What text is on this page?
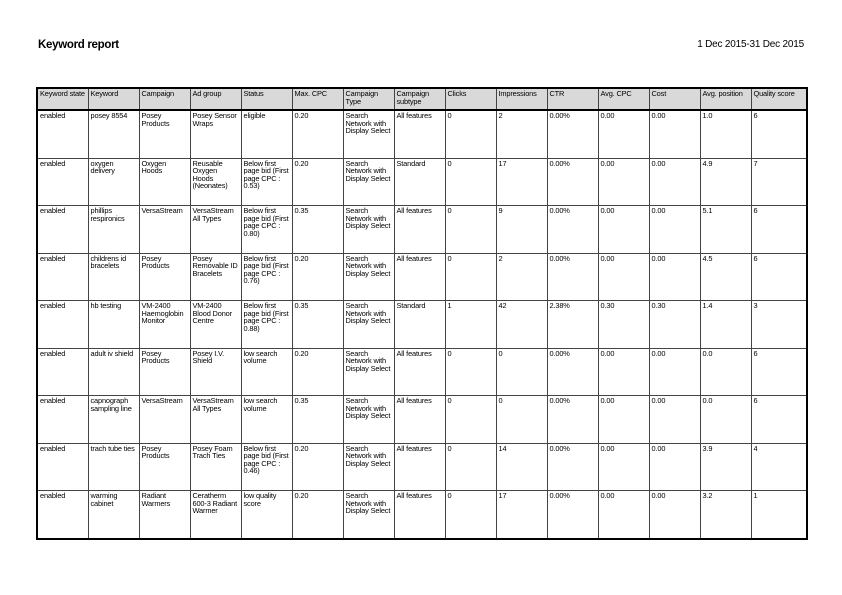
Keyword report	1 Dec 2015-31 Dec 2015
Keyword state	Keyword	Campaign	Ad group	Status	Max. CPC	Campaign Type	Campaign subtype	Clicks	Impressions	CTR	Avg. CPC	Cost	Avg. position	Quality score
enabled	posey 8554	Posey Products	Posey Sensor Wraps	eligible	0.20	Search Network with Display Select	All features	0	2	0.00%	0.00	0.00	1.0	6
enabled	oxygen delivery	Oxygen Hoods	Reusable Oxygen Hoods (Neonates)	Below first page bid (First page CPC : 0.53)	0.20	Search Network with Display Select	Standard	0	17	0.00%	0.00	0.00	4.9	7
enabled	phillips respironics	VersaStream	VersaStream All Types	Below first page bid (First page CPC : 0.80)	0.35	Search Network with Display Select	All features	0	9	0.00%	0.00	0.00	5.1	6
enabled	childrens id bracelets	Posey Products	Posey Removable ID Bracelets	Below first page bid (First page CPC : 0.76)	0.20	Search Network with Display Select	All features	0	2	0.00%	0.00	0.00	4.5	6
enabled	hb testing	VM-2400 Haemoglobin Monitor	VM-2400 Blood Donor Centre	Below first page bid (First page CPC : 0.88)	0.35	Search Network with Display Select	Standard	1	42	2.38%	0.30	0.30	1.4	3
enabled	adult iv shield	Posey Products	Posey I.V. Shield	low search volume	0.20	Search Network with Display Select	All features	0	0	0.00%	0.00	0.00	0.0	6
enabled	capnograph sampling line	VersaStream	VersaStream All Types	low search volume	0.35	Search Network with Display Select	All features	0	0	0.00%	0.00	0.00	0.0	6
enabled	trach tube ties	Posey Products	Posey Foam Trach Ties	Below first page bid (First page CPC : 0.46)	0.20	Search Network with Display Select	All features	0	14	0.00%	0.00	0.00	3.9	4
enabled	warming cabinet	Radiant Warmers	Ceratherm 600-3 Radiant Warmer	low quality score	0.20	Search Network with Display Select	All features	0	17	0.00%	0.00	0.00	3.2	1
